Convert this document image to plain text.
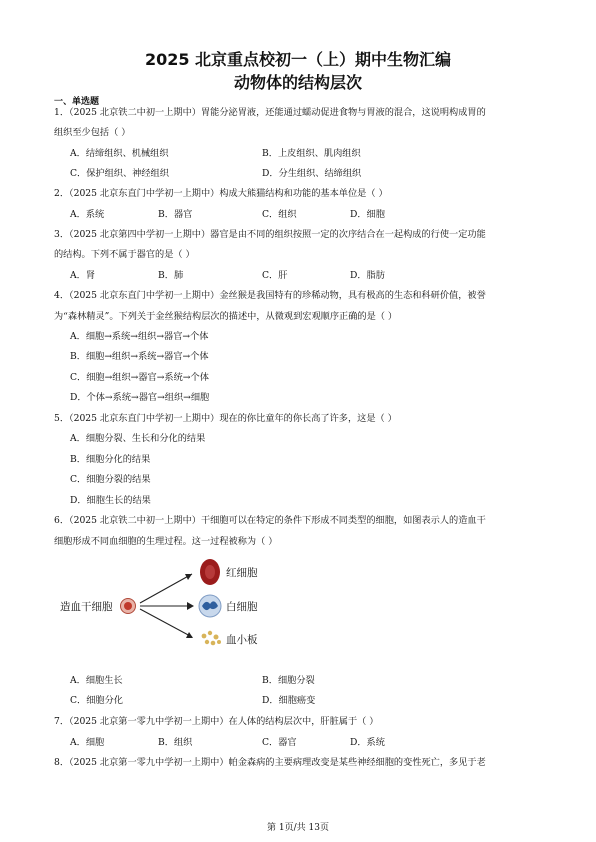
2025 北京重点校初一（上）期中生物汇编
动物体的结构层次
一、单选题
1．（2025 北京铁二中初一上期中）胃能分泌胃液，还能通过蠕动促进食物与胃液的混合，这说明构成胃的
组织至少包括（ ）
A．结缔组织、机械组织	B．上皮组织、肌肉组织
C．保护组织、神经组织	D．分生组织、结缔组织
2．（2025 北京东直门中学初一上期中）构成大熊猫结构和功能的基本单位是（ ）
A．系统	B．器官	C．组织	D．细胞
3．（2025 北京第四中学初一上期中）器官是由不同的组织按照一定的次序结合在一起构成的行使一定功能
的结构。下列不属于器官的是（ ）
A．肾	B．肺	C．肝	D．脂肪
4．（2025 北京东直门中学初一上期中）金丝猴是我国特有的珍稀动物，具有极高的生态和科研价值，被誉
为“森林精灵”。下列关于金丝猴结构层次的描述中，从微观到宏观顺序正确的是（ ）
A．细胞→系统→组织→器官→个体
B．细胞→组织→系统→器官→个体
C．细胞→组织→器官→系统→个体
D．个体→系统→器官→组织→细胞
5．（2025 北京东直门中学初一上期中）现在的你比童年的你长高了许多，这是（ ）
A．细胞分裂、生长和分化的结果
B．细胞分化的结果
C．细胞分裂的结果
D．细胞生长的结果
6．（2025 北京铁二中初一上期中）干细胞可以在特定的条件下形成不同类型的细胞，如图表示人的造血干
细胞形成不同血细胞的生理过程。这一过程被称为（ ）
造血干细胞
红细胞
白细胞
血小板
A．细胞生长	B．细胞分裂
C．细胞分化	D．细胞癌变
7．（2025 北京第一零九中学初一上期中）在人体的结构层次中，肝脏属于（ ）
A．细胞	B．组织	C．器官	D．系统
8．（2025 北京第一零九中学初一上期中）帕金森病的主要病理改变是某些神经细胞的变性死亡，多见于老
第 1页/共 13页
